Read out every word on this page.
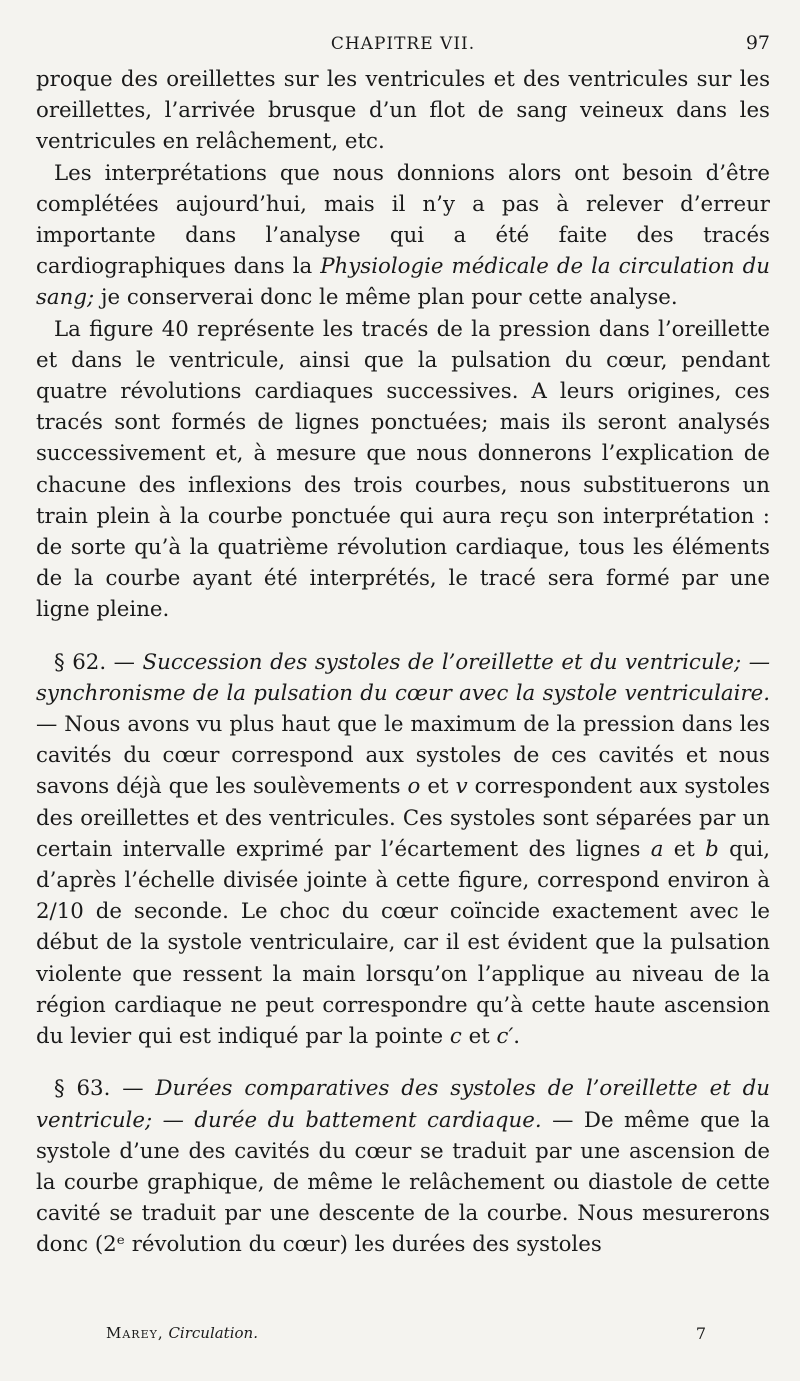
CHAPITRE VII.	97

proque des oreillettes sur les ventricules et des ventricules sur les oreillettes, l’arrivée brusque d’un flot de sang veineux dans les ventricules en relâchement, etc.

Les interprétations que nous donnions alors ont besoin d’être complétées aujourd’hui, mais il n’y a pas à relever d’erreur importante dans l’analyse qui a été faite des tracés cardiographiques dans la Physiologie médicale de la circulation du sang; je conserverai donc le même plan pour cette analyse.

La figure 40 représente les tracés de la pression dans l’oreillette et dans le ventricule, ainsi que la pulsation du cœur, pendant quatre révolutions cardiaques successives. A leurs origines, ces tracés sont formés de lignes ponctuées; mais ils seront analysés successivement et, à mesure que nous donnerons l’explication de chacune des inflexions des trois courbes, nous substituerons un train plein à la courbe ponctuée qui aura reçu son interprétation : de sorte qu’à la quatrième révolution cardiaque, tous les éléments de la courbe ayant été interprétés, le tracé sera formé par une ligne pleine.

§ 62. — Succession des systoles de l’oreillette et du ventricule; — synchronisme de la pulsation du cœur avec la systole ventriculaire. — Nous avons vu plus haut que le maximum de la pression dans les cavités du cœur correspond aux systoles de ces cavités et nous savons déjà que les soulèvements o et v correspondent aux systoles des oreillettes et des ventricules. Ces systoles sont séparées par un certain intervalle exprimé par l’écartement des lignes a et b qui, d’après l’échelle divisée jointe à cette figure, correspond environ à 2/10 de seconde. Le choc du cœur coïncide exactement avec le début de la systole ventriculaire, car il est évident que la pulsation violente que ressent la main lorsqu’on l’applique au niveau de la région cardiaque ne peut correspondre qu’à cette haute ascension du levier qui est indiqué par la pointe c et c′.

§ 63. — Durées comparatives des systoles de l’oreillette et du ventricule; — durée du battement cardiaque. — De même que la systole d’une des cavités du cœur se traduit par une ascension de la courbe graphique, de même le relâchement ou diastole de cette cavité se traduit par une descente de la courbe. Nous mesurerons donc (2ᵉ révolution du cœur) les durées des systoles

Marey, Circulation.	7
